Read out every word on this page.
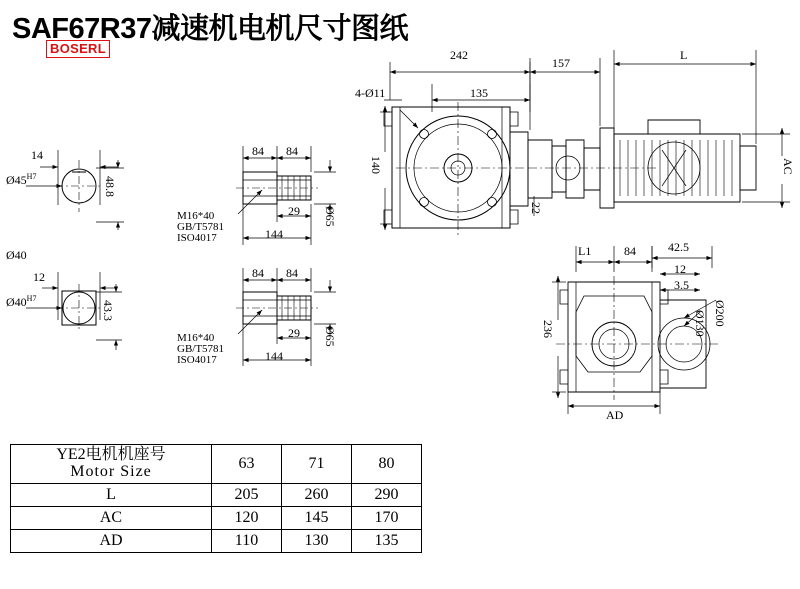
SAF67R37减速机电机尺寸图纸
BOSERL
14
$Ø45^{H7}$	48.8
Ø40
12
$Ø40^{H7}$
43.3
84 84
M16*40
GB/T5781
ISO4017
29
144
Ø65
84 84
M16*40
GB/T5781
ISO4017
29
144
Ø65
242
135
4-Ø11
140
22
157
L
AC
L1	84	42.5
12
3.5
236	Ø130 Ø200
AD
YE2电机机座号
Motor Size	63	71	80
L	205	260	290
AC	120	145	170
AD	110	130	135
